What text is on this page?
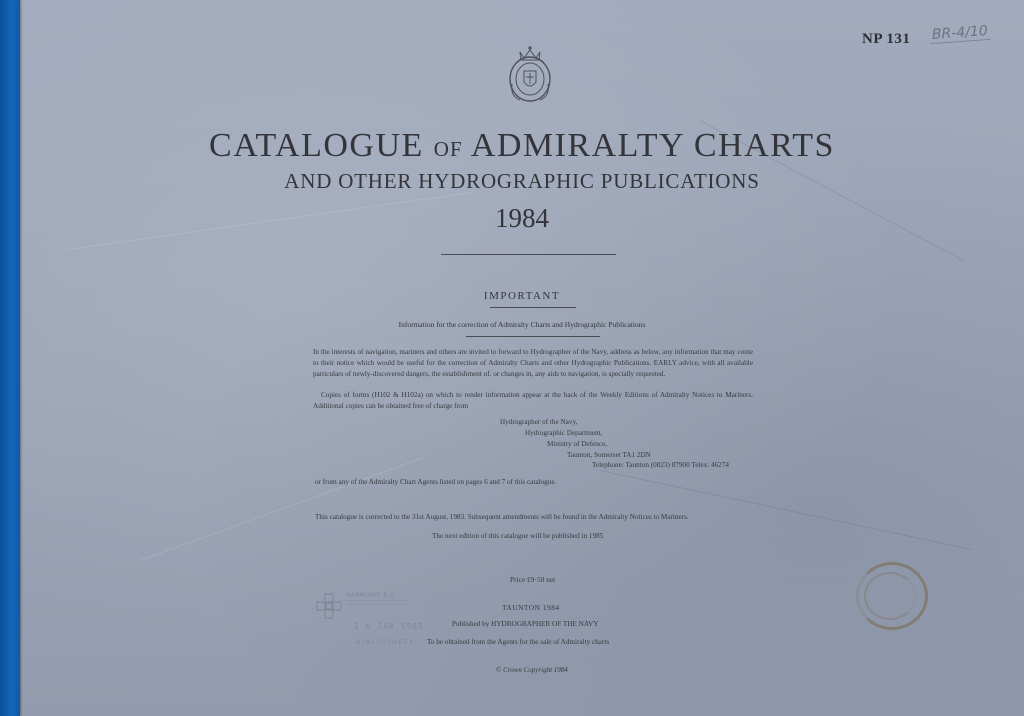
NP 131 BR-4/10
CATALOGUE OF ADMIRALTY CHARTS
AND OTHER HYDROGRAPHIC PUBLICATIONS
1984
IMPORTANT
Information for the correction of Admiralty Charts and Hydrographic Publications

In the interests of navigation, mariners and others are invited to forward to Hydrographer of the Navy, address as below, any information that may come to their notice which would be useful for the correction of Admiralty Charts and other Hydrographic Publications. EARLY advice, with all available particulars of newly-discovered dangers, the establishment of, or changes in, any aids to navigation, is specially requested.

Copies of forms (H102 & H102a) on which to render information appear at the back of the Weekly Editions of Admiralty Notices to Mariners. Additional copies can be obtained free of charge from

Hydrographer of the Navy,

Hydrographic Department,

Ministry of Defence,

Taunton, Somerset TA1 2DN

Telephone: Taunton (0823) 87900 Telex: 46274

or from any of the Admiralty Chart Agents listed on pages 6 and 7 of this catalogue.

This catalogue is corrected to the 31st August, 1983. Subsequent amendments will be found in the Admiralty Notices to Mariners.

The next edition of this catalogue will be published in 1985

Price £9·50 net

TAUNTON 1984

Published by HYDROGRAPHER OF THE NAVY

To be obtained from the Agents for the sale of Admiralty charts

© Crown Copyright 1984

HARMONIE B.V.
1 6 JAN 1985
BIBLIOTHEEK
